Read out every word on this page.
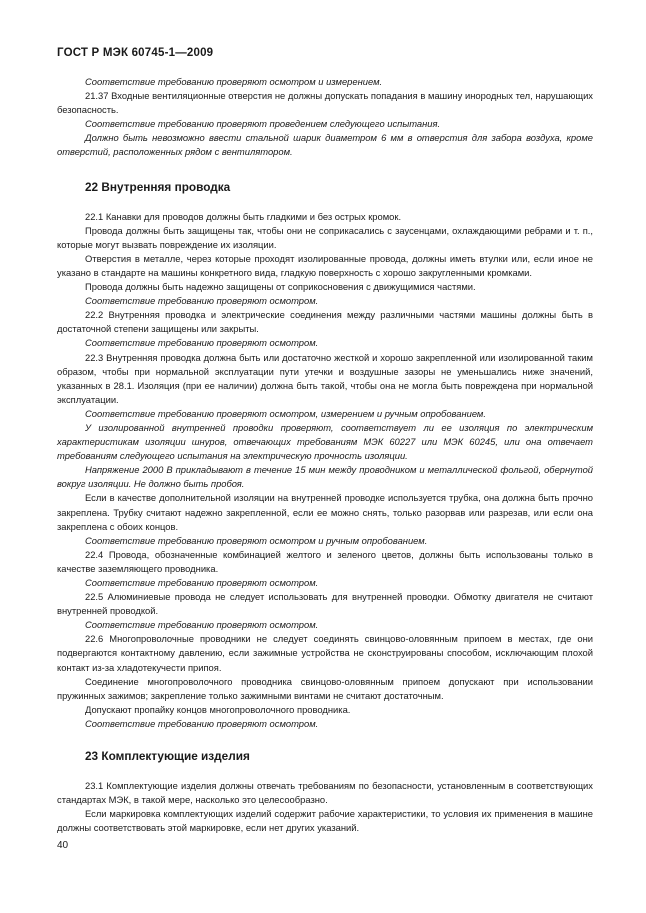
ГОСТ Р МЭК 60745-1—2009

Соответствие требованию проверяют осмотром и измерением.

21.37 Входные вентиляционные отверстия не должны допускать попадания в машину инородных тел, нарушающих безопасность.

Соответствие требованию проверяют проведением следующего испытания.

Должно быть невозможно ввести стальной шарик диаметром 6 мм в отверстия для забора воздуха, кроме отверстий, расположенных рядом с вентилятором.

22 Внутренняя проводка

22.1 Канавки для проводов должны быть гладкими и без острых кромок.

Провода должны быть защищены так, чтобы они не соприкасались с заусенцами, охлаждающими ребрами и т. п., которые могут вызвать повреждение их изоляции.

Отверстия в металле, через которые проходят изолированные провода, должны иметь втулки или, если иное не указано в стандарте на машины конкретного вида, гладкую поверхность с хорошо закругленными кромками.

Провода должны быть надежно защищены от соприкосновения с движущимися частями.

Соответствие требованию проверяют осмотром.

22.2 Внутренняя проводка и электрические соединения между различными частями машины должны быть в достаточной степени защищены или закрыты.

Соответствие требованию проверяют осмотром.

22.3 Внутренняя проводка должна быть или достаточно жесткой и хорошо закрепленной или изолированной таким образом, чтобы при нормальной эксплуатации пути утечки и воздушные зазоры не уменьшались ниже значений, указанных в 28.1. Изоляция (при ее наличии) должна быть такой, чтобы она не могла быть повреждена при нормальной эксплуатации.

Соответствие требованию проверяют осмотром, измерением и ручным опробованием.

У изолированной внутренней проводки проверяют, соответствует ли ее изоляция по электрическим характеристикам изоляции шнуров, отвечающих требованиям МЭК 60227 или МЭК 60245, или она отвечает требованиям следующего испытания на электрическую прочность изоляции.

Напряжение 2000 В прикладывают в течение 15 мин между проводником и металлической фольгой, обернутой вокруг изоляции. Не должно быть пробоя.

Если в качестве дополнительной изоляции на внутренней проводке используется трубка, она должна быть прочно закреплена. Трубку считают надежно закрепленной, если ее можно снять, только разорвав или разрезав, или если она закреплена с обоих концов.

Соответствие требованию проверяют осмотром и ручным опробованием.

22.4 Провода, обозначенные комбинацией желтого и зеленого цветов, должны быть использованы только в качестве заземляющего проводника.

Соответствие требованию проверяют осмотром.

22.5 Алюминиевые провода не следует использовать для внутренней проводки. Обмотку двигателя не считают внутренней проводкой.

Соответствие требованию проверяют осмотром.

22.6 Многопроволочные проводники не следует соединять свинцово-оловянным припоем в местах, где они подвергаются контактному давлению, если зажимные устройства не сконструированы способом, исключающим плохой контакт из-за хладотекучести припоя.

Соединение многопроволочного проводника свинцово-оловянным припоем допускают при использовании пружинных зажимов; закрепление только зажимными винтами не считают достаточным.

Допускают пропайку концов многопроволочного проводника.

Соответствие требованию проверяют осмотром.

23 Комплектующие изделия

23.1 Комплектующие изделия должны отвечать требованиям по безопасности, установленным в соответствующих стандартах МЭК, в такой мере, насколько это целесообразно.

Если маркировка комплектующих изделий содержит рабочие характеристики, то условия их применения в машине должны соответствовать этой маркировке, если нет других указаний.

40
